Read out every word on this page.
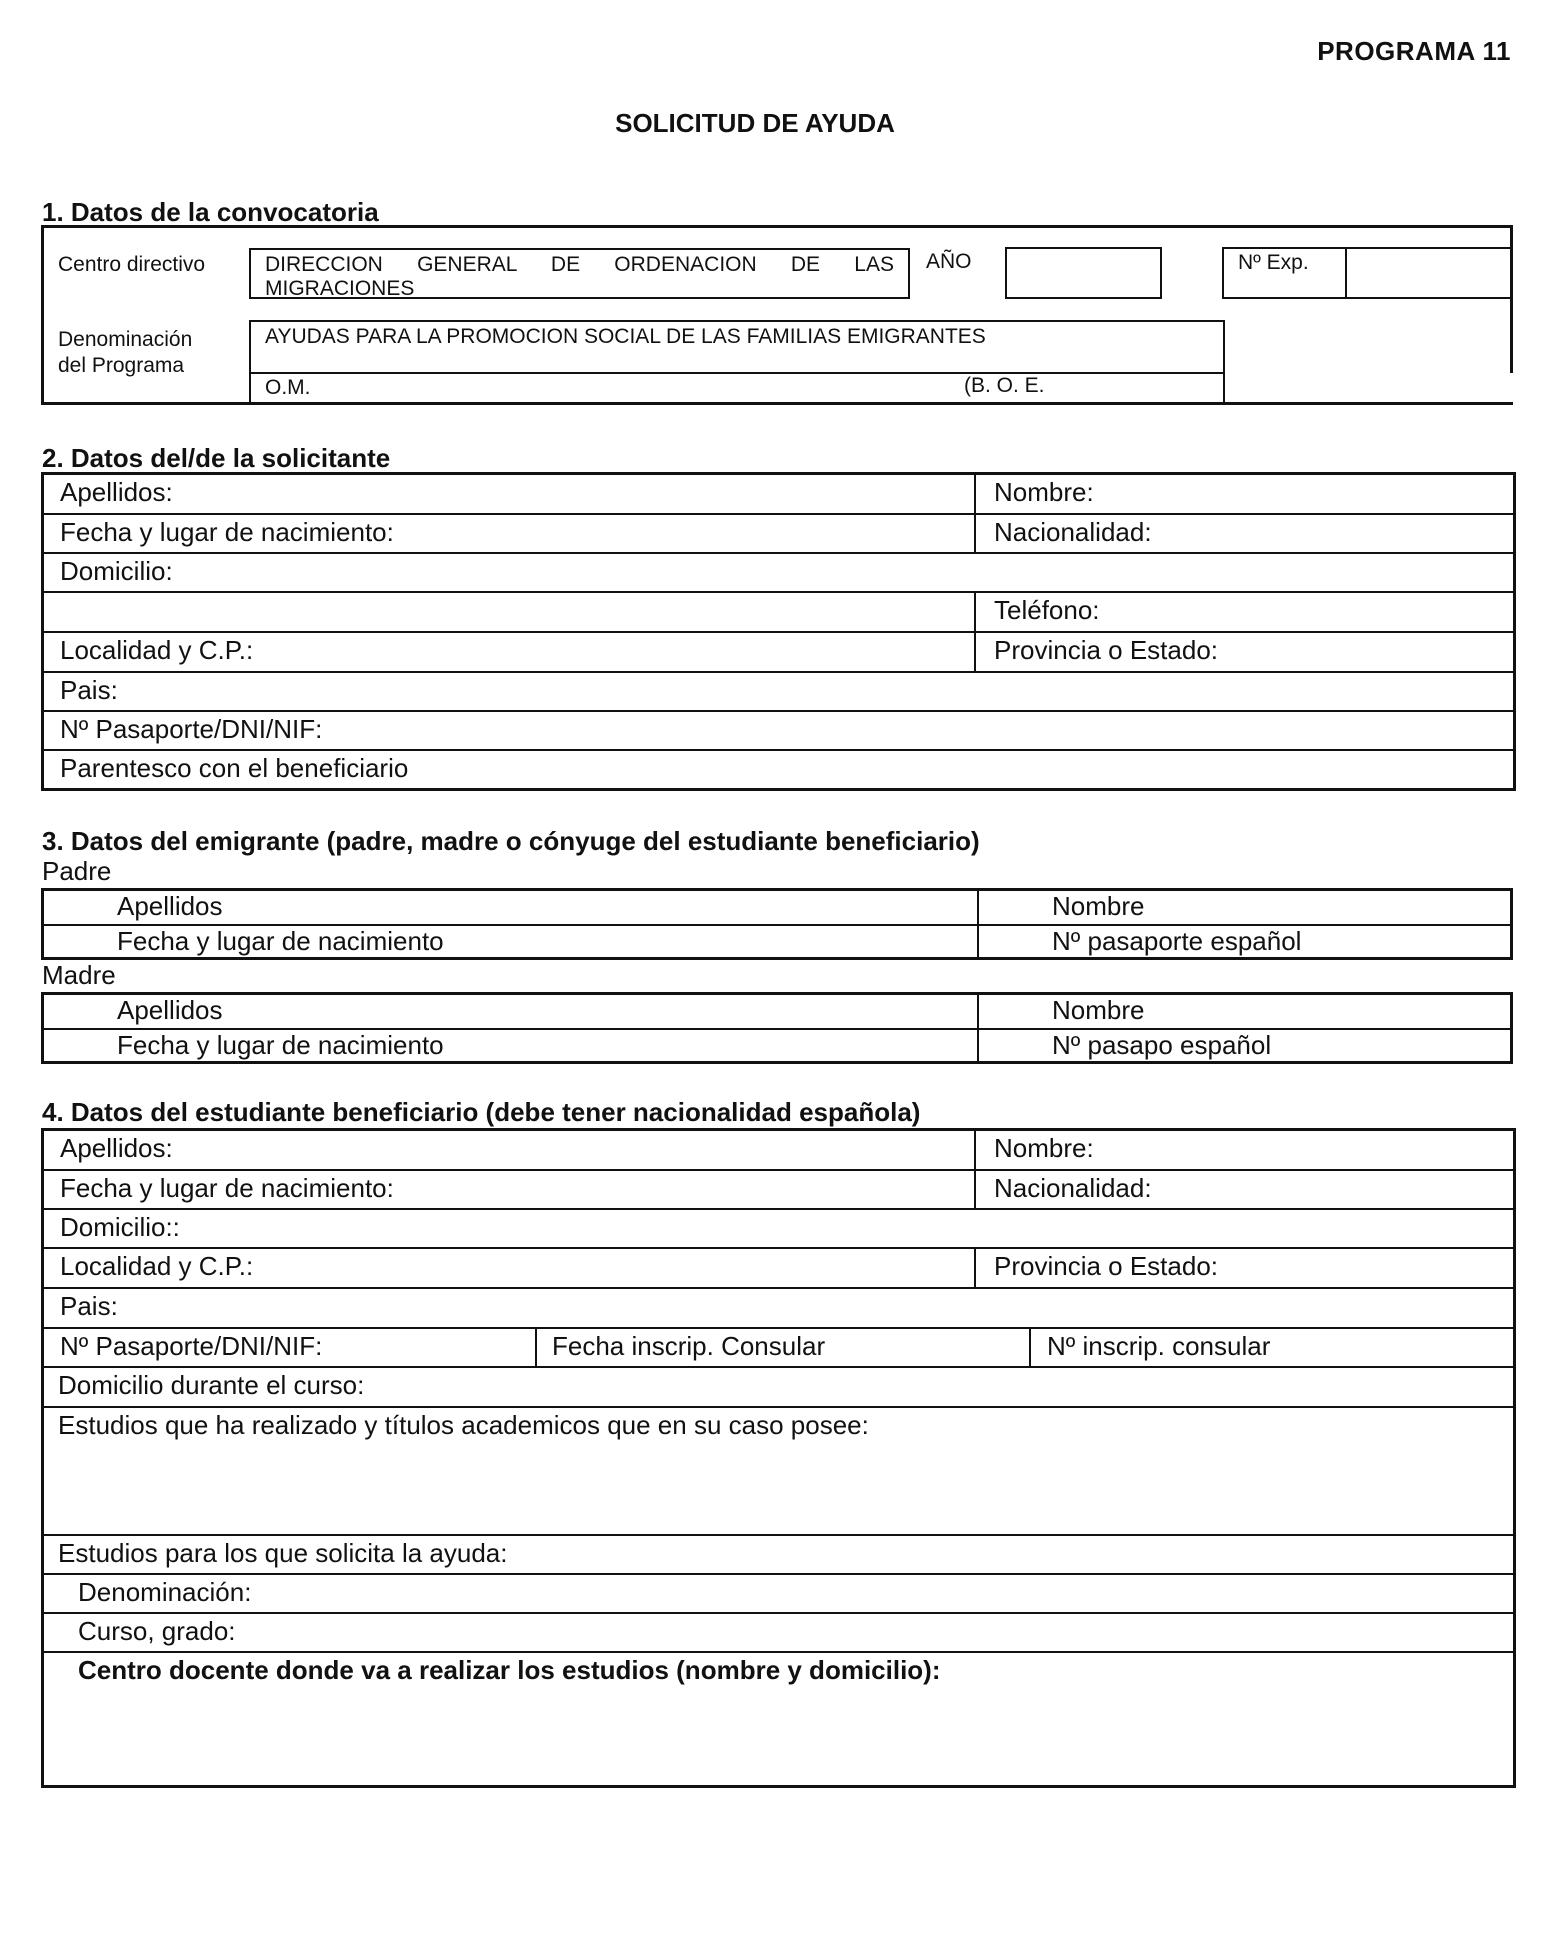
PROGRAMA 11
SOLICITUD DE AYUDA
1. Datos de la convocatoria
Centro directivo	DIRECCION GENERAL DE ORDENACION DE LAS
MIGRACIONES
AÑO	Nº Exp.
Denominación
del Programa
AYUDAS PARA LA PROMOCION SOCIAL DE LAS FAMILIAS EMIGRANTES
O.M.	(B. O. E.
2. Datos del/de la solicitante
Apellidos:	Nombre:
Fecha y lugar de nacimiento:	Nacionalidad:
Domicilio:
Teléfono:
Localidad y C.P.:	Provincia o Estado:
Pais:
Nº Pasaporte/DNI/NIF:
Parentesco con el beneficiario
3. Datos del emigrante (padre, madre o cónyuge del estudiante beneficiario)
Padre
Apellidos	Nombre
Fecha y lugar de nacimiento	Nº pasaporte español
Madre
Apellidos	Nombre
Fecha y lugar de nacimiento	Nº pasapo español
4. Datos del estudiante beneficiario (debe tener nacionalidad española)
Apellidos:	Nombre:
Fecha y lugar de nacimiento:	Nacionalidad:
Domicilio::
Localidad y C.P.:	Provincia o Estado:
Pais:
Nº Pasaporte/DNI/NIF:	Fecha inscrip. Consular	Nº inscrip. consular
Domicilio durante el curso:
Estudios que ha realizado y títulos academicos que en su caso posee:
Estudios para los que solicita la ayuda:
Denominación:
Curso, grado:
Centro docente donde va a realizar los estudios (nombre y domicilio):
